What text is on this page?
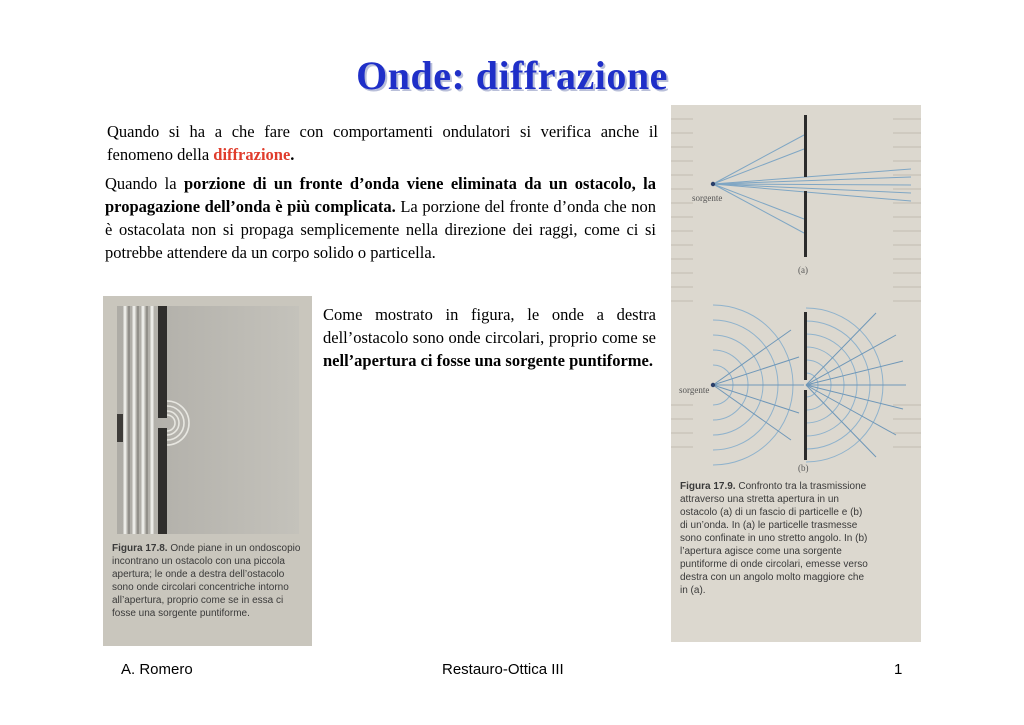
Onde: diffrazione
Quando si ha a che fare con comportamenti ondulatori si verifica anche il fenomeno della diffrazione.
Quando la porzione di un fronte d’onda viene eliminata da un ostacolo, la propagazione dell’onda è più complicata. La porzione del fronte d’onda che non è ostacolata non si propaga semplicemente nella direzione dei raggi, come ci si potrebbe attendere da un corpo solido o particella.
Come mostrato in figura, le onde a destra dell’ostacolo sono onde circolari, proprio come se nell’apertura ci fosse una sorgente puntiforme.
Figura 17.8. Onde piane in un ondoscopio incontrano un ostacolo con una piccola apertura; le onde a destra dell’ostacolo sono onde circolari concentriche intorno all’apertura, proprio come se in essa ci fosse una sorgente puntiforme.
sorgente
(a)
sorgente
(b)
Figura 17.9. Confronto tra la trasmissione attraverso una stretta apertura in un ostacolo (a) di un fascio di particelle e (b) di un’onda. In (a) le particelle trasmesse sono confinate in uno stretto angolo. In (b) l’apertura agisce come una sorgente puntiforme di onde circolari, emesse verso destra con un angolo molto maggiore che in (a).
A. Romero	Restauro-Ottica III	1
